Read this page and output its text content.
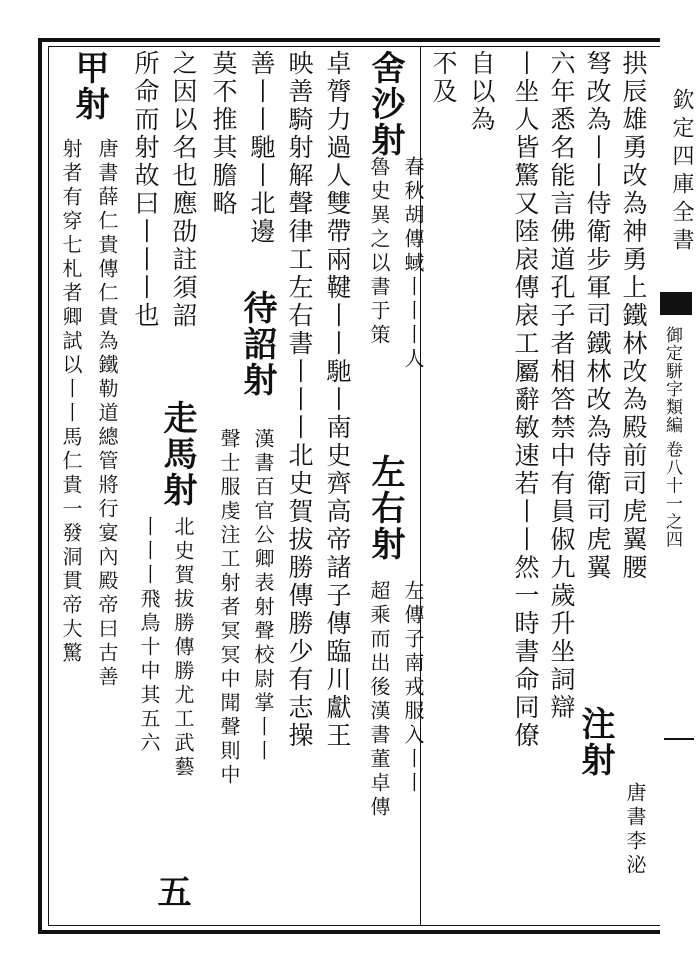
欽定四庫全書
御定駢字類編 卷八十一之四
拱辰雄勇改為神勇上鐵林改為殿前司虎翼腰
弩改為丨丨侍衛步軍司鐵林改為侍衛司虎翼
注射
唐書李泌
六年悉名能言佛道孔子者相答禁中有員俶九歲升坐詞辯
丨坐人皆驚又陸扆傳扆工屬辭敏速若丨丨然一時書命同僚
自以為
不及
舍沙射
春秋胡傳蜮丨丨丨人
魯史異之以書于策
左右射
左傳子南戎服入丨丨
超乘而出後漢書董卓傳
卓膂力過人雙帶兩鞬丨丨馳丨南史齊高帝諸子傳臨川獻王
映善騎射解聲律工左右書丨丨丨北史賀拔勝傳勝少有志操
善丨丨馳丨北邊
待詔射
漢書百官公卿表射聲校尉掌丨丨
聲士服虔注工射者冥冥中聞聲則中
莫不推其膽略
之因以名也應劭註須詔
所命而射故曰丨丨丨也
走馬射
北史賀拔勝傳勝尤工武藝
丨丨丨飛鳥十中其五六
五
甲射
唐書薛仁貴傳仁貴為鐵勒道總管將行宴內殿帝曰古善
射者有穿七札者卿試以丨丨馬仁貴一發洞貫帝大驚
